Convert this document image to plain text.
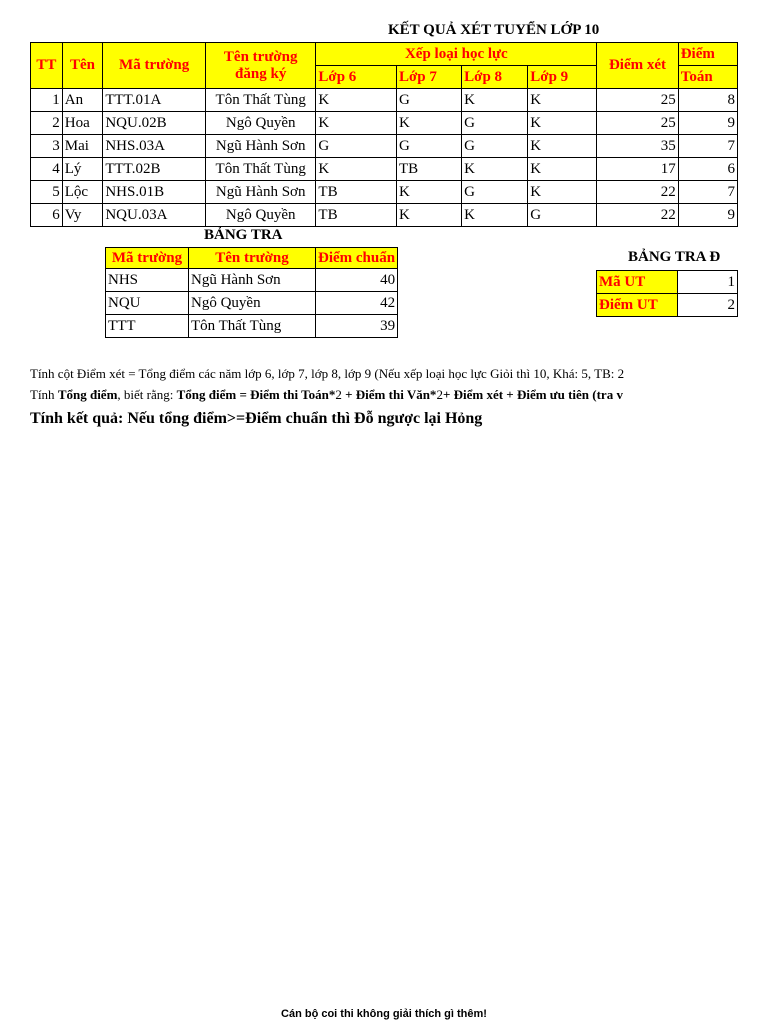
KẾT QUẢ XÉT TUYỂN LỚP 10
TT	Tên	Mã trường	Tên trường đăng ký	Xếp loại học lực				Điểm xét	Điểm
				Lớp 6	Lớp 7	Lớp 8	Lớp 9		Toán
1	An	TTT.01A	Tôn Thất Tùng	K	G	K	K	25	8
2	Hoa	NQU.02B	Ngô Quyền	K	K	G	K	25	9
3	Mai	NHS.03A	Ngũ Hành Sơn	G	G	G	K	35	7
4	Lý	TTT.02B	Tôn Thất Tùng	K	TB	K	K	17	6
5	Lộc	NHS.01B	Ngũ Hành Sơn	TB	K	G	K	22	7
6	Vy	NQU.03A	Ngô Quyền	TB	K	K	G	22	9
BẢNG TRA
Mã trường	Tên trường	Điểm chuẩn
NHS	Ngũ Hành Sơn	40
NQU	Ngô Quyền	42
TTT	Tôn Thất Tùng	39
BẢNG TRA Đ
Mã UT	1
Điểm UT	2
Tính cột Điểm xét = Tổng điểm các năm lớp 6, lớp 7, lớp 8, lớp 9 (Nếu xếp loại học lực Giỏi thì 10, Khá: 5, TB: 2
Tính Tổng điểm, biết rằng: Tổng điểm = Điểm thi Toán*2 + Điểm thi Văn*2+ Điểm xét + Điểm ưu tiên (tra v
Tính kết quả: Nếu tổng điểm>=Điểm chuẩn thì Đỗ ngược lại Hỏng
Cán bộ coi thi không giải thích gì thêm!
